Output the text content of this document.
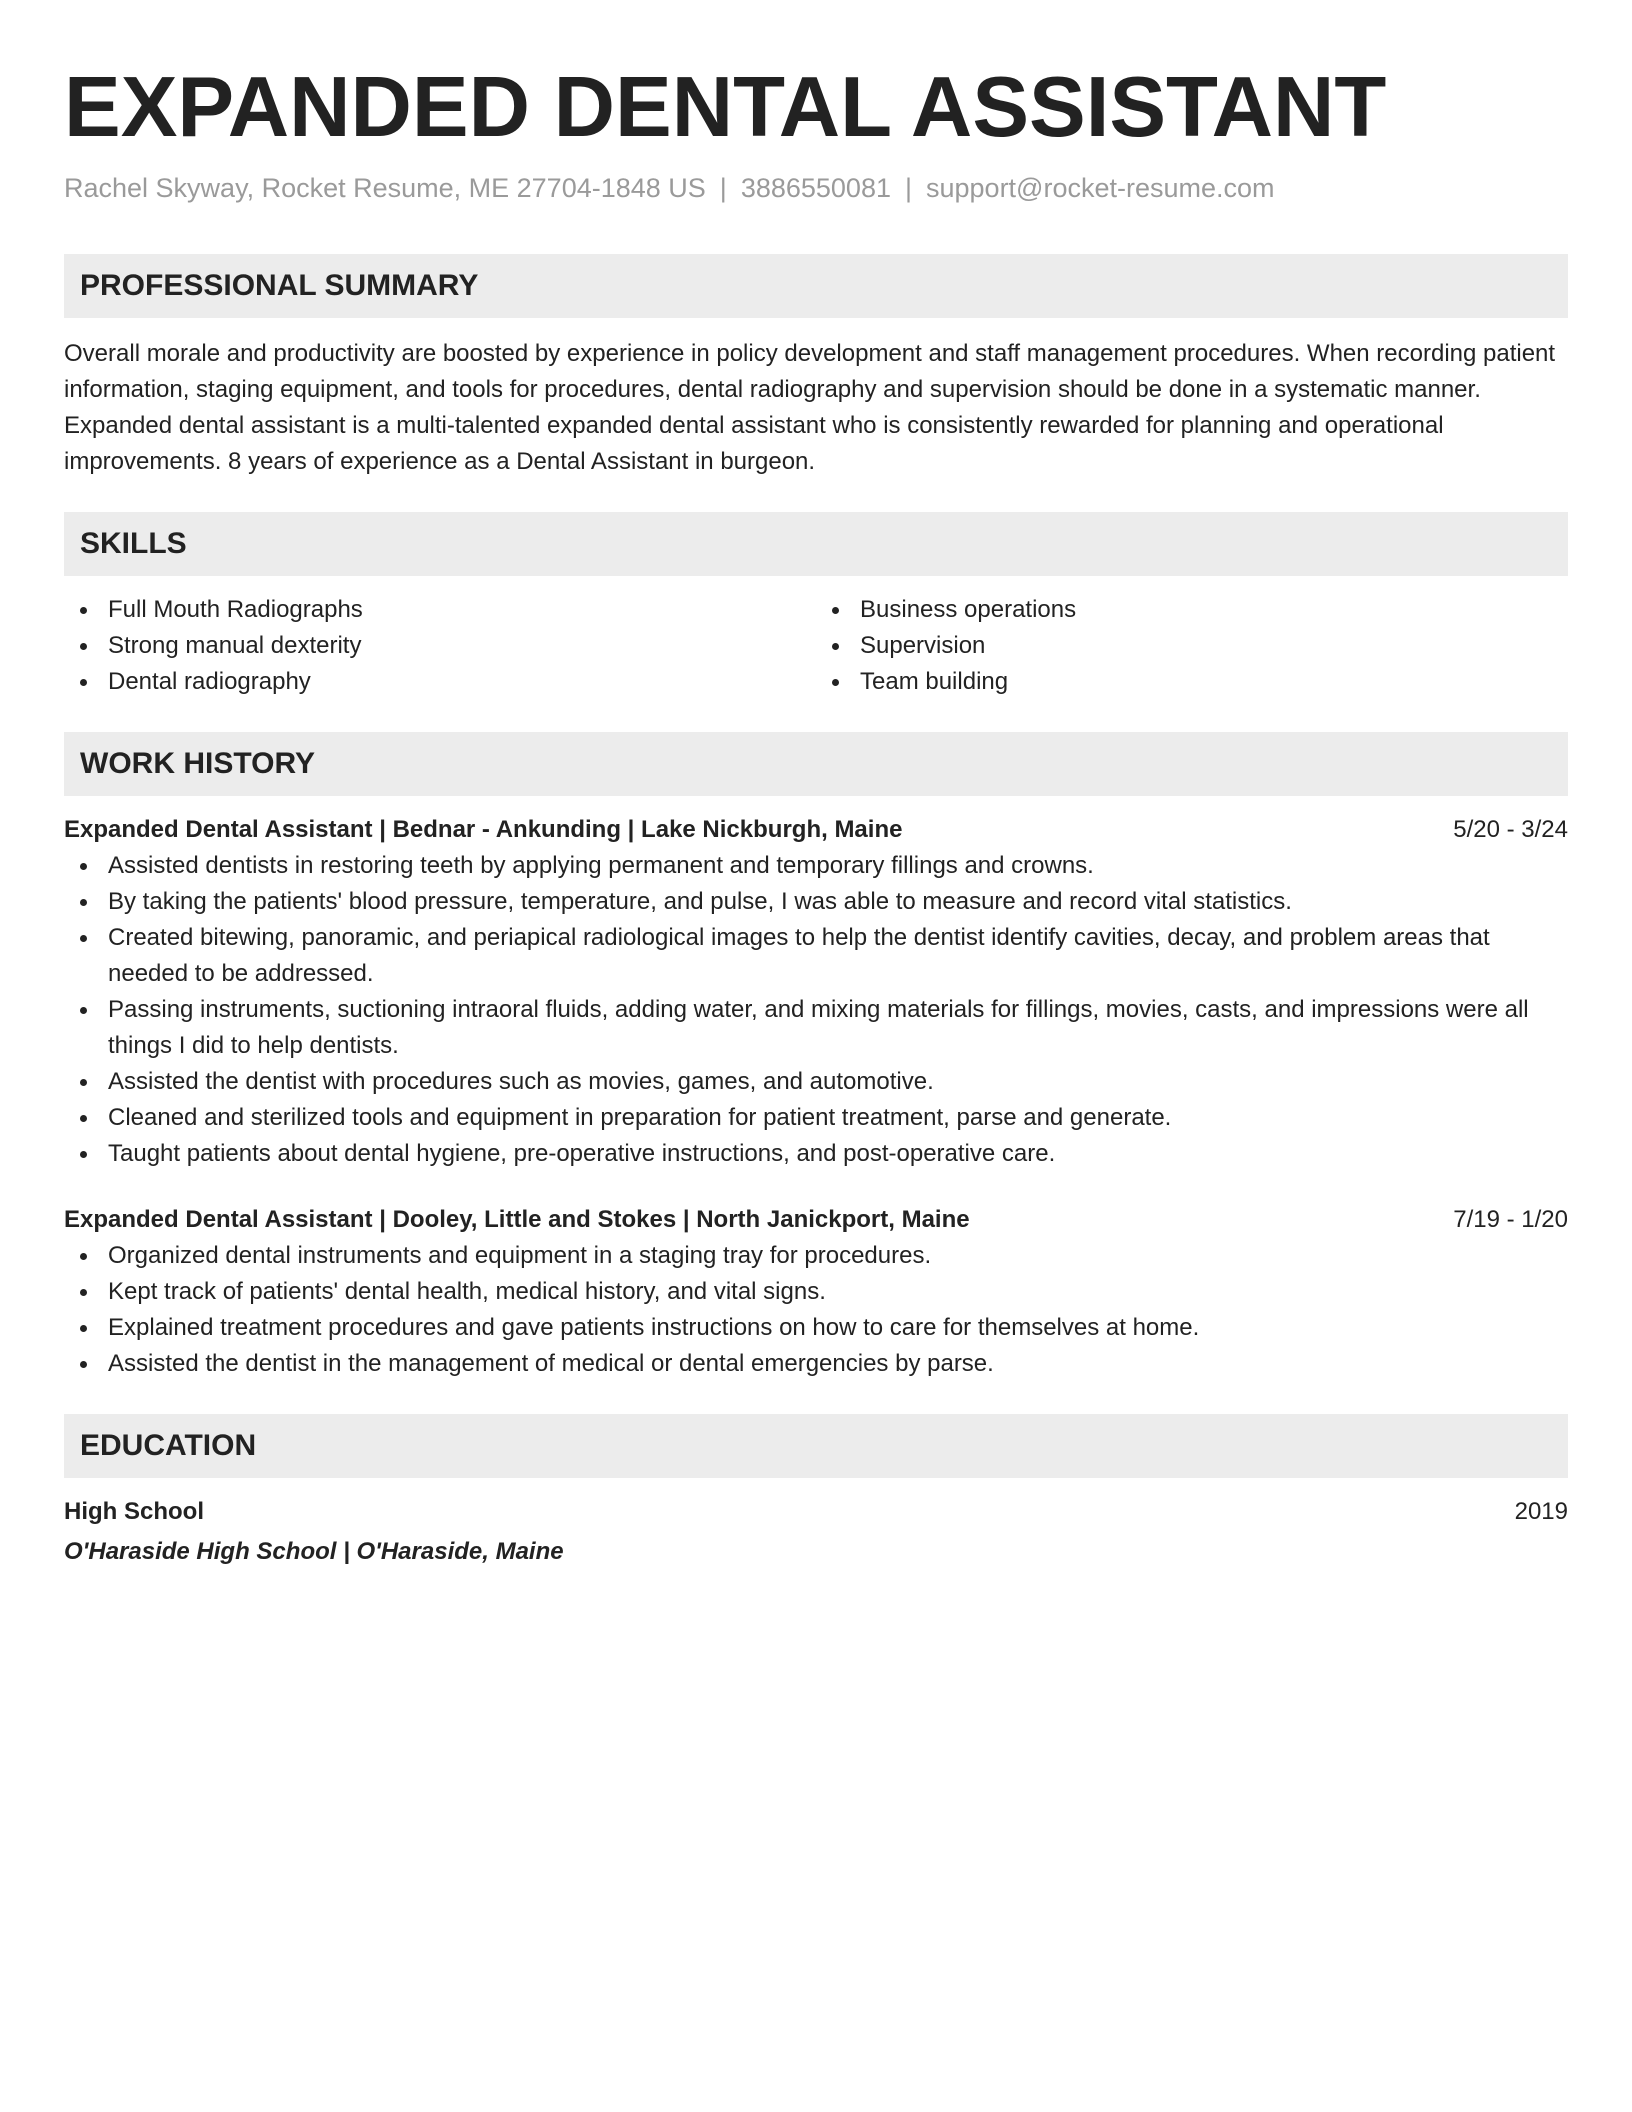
EXPANDED DENTAL ASSISTANT
Rachel Skyway, Rocket Resume, ME 27704-1848 US | 3886550081 | support@rocket-resume.com
PROFESSIONAL SUMMARY

Overall morale and productivity are boosted by experience in policy development and staff management procedures. When recording patient information, staging equipment, and tools for procedures, dental radiography and supervision should be done in a systematic manner. Expanded dental assistant is a multi-talented expanded dental assistant who is consistently rewarded for planning and operational improvements. 8 years of experience as a Dental Assistant in burgeon.

SKILLS
Full Mouth Radiographs
Strong manual dexterity
Dental radiography
Business operations
Supervision
Team building
WORK HISTORY
Expanded Dental Assistant | Bednar - Ankunding | Lake Nickburgh, Maine	5/20 - 3/24
Assisted dentists in restoring teeth by applying permanent and temporary fillings and crowns.
By taking the patients' blood pressure, temperature, and pulse, I was able to measure and record vital statistics.
Created bitewing, panoramic, and periapical radiological images to help the dentist identify cavities, decay, and problem areas that needed to be addressed.
Passing instruments, suctioning intraoral fluids, adding water, and mixing materials for fillings, movies, casts, and impressions were all things I did to help dentists.
Assisted the dentist with procedures such as movies, games, and automotive.
Cleaned and sterilized tools and equipment in preparation for patient treatment, parse and generate.
Taught patients about dental hygiene, pre-operative instructions, and post-operative care.
Expanded Dental Assistant | Dooley, Little and Stokes | North Janickport, Maine	7/19 - 1/20
Organized dental instruments and equipment in a staging tray for procedures.
Kept track of patients' dental health, medical history, and vital signs.
Explained treatment procedures and gave patients instructions on how to care for themselves at home.
Assisted the dentist in the management of medical or dental emergencies by parse.
EDUCATION
High School	2019
O'Haraside High School | O'Haraside, Maine
